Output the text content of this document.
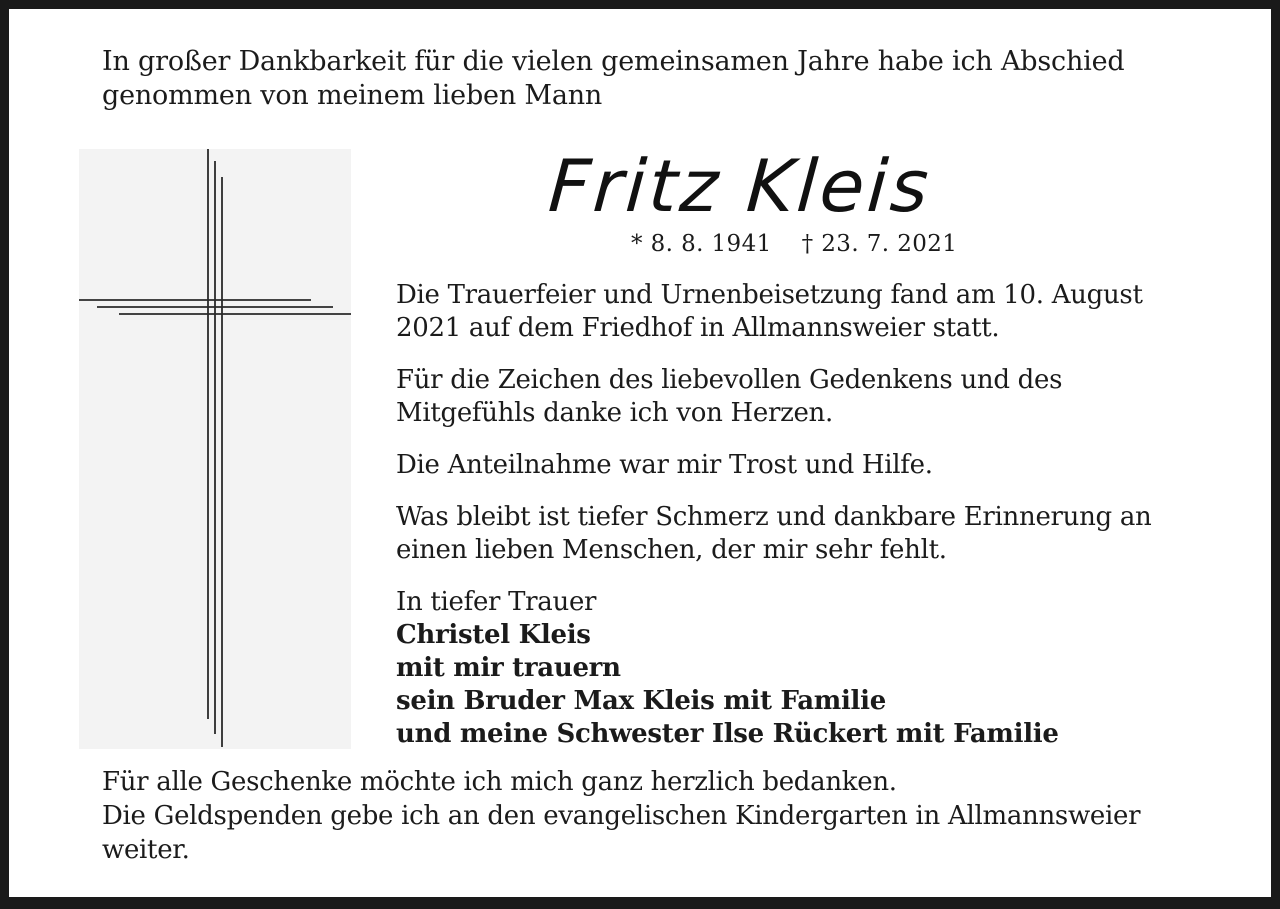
In großer Dankbarkeit für die vielen gemeinsamen Jahre habe ich Abschied
genommen von meinem lieben Mann
Fritz Kleis
* 8. 8. 1941 † 23. 7. 2021
Die Trauerfeier und Urnenbeisetzung fand am 10. August
2021 auf dem Friedhof in Allmannsweier statt.
Für die Zeichen des liebevollen Gedenkens und des
Mitgefühls danke ich von Herzen.
Die Anteilnahme war mir Trost und Hilfe.
Was bleibt ist tiefer Schmerz und dankbare Erinnerung an
einen lieben Menschen, der mir sehr fehlt.
In tiefer Trauer
Christel Kleis
mit mir trauern
sein Bruder Max Kleis mit Familie
und meine Schwester Ilse Rückert mit Familie
Für alle Geschenke möchte ich mich ganz herzlich bedanken.
Die Geldspenden gebe ich an den evangelischen Kindergarten in Allmannsweier
weiter.
